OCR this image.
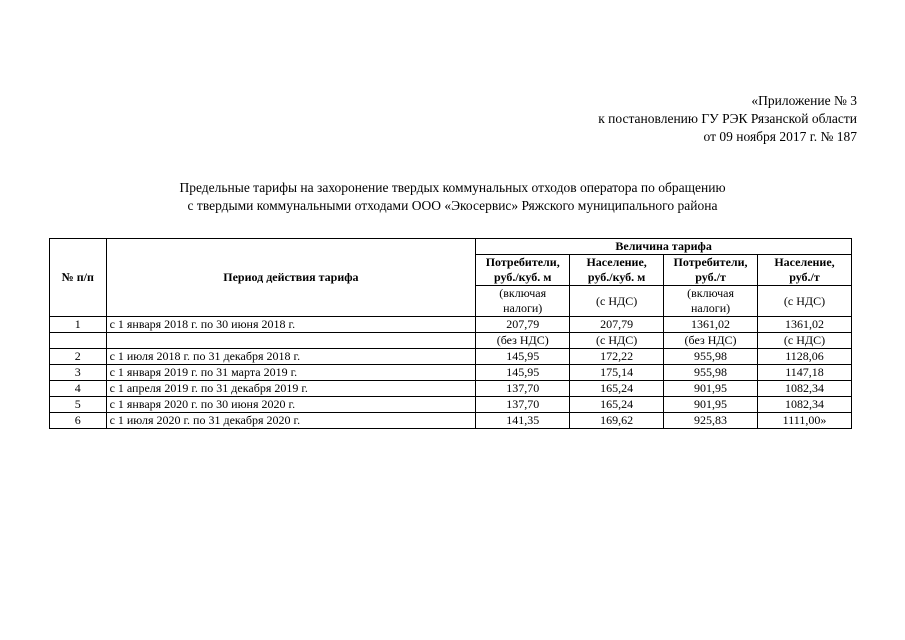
«Приложение № 3
к постановлению ГУ РЭК Рязанской области
от 09 ноября 2017 г. № 187
Предельные тарифы на захоронение твердых коммунальных отходов оператора по обращению
с твердыми коммунальными отходами ООО «Экосервис» Ряжского муниципального района
№ п/п	Период действия тарифа	Величина тарифа			
		Потребители, руб./куб. м	Население, руб./куб. м	Потребители, руб./т	Население, руб./т
		(включая налоги)	(с НДС)	(включая налоги)	(с НДС)
1	с 1 января 2018 г. по 30 июня 2018 г.	207,79	207,79	1361,02	1361,02
		(без НДС)	(с НДС)	(без НДС)	(с НДС)
2	с 1 июля 2018 г. по 31 декабря 2018 г.	145,95	172,22	955,98	1128,06
3	с 1 января 2019 г. по 31 марта 2019 г.	145,95	175,14	955,98	1147,18
4	с 1 апреля 2019 г. по 31 декабря 2019 г.	137,70	165,24	901,95	1082,34
5	с 1 января 2020 г. по 30 июня 2020 г.	137,70	165,24	901,95	1082,34
6	с 1 июля 2020 г. по 31 декабря 2020 г.	141,35	169,62	925,83	1111,00»
